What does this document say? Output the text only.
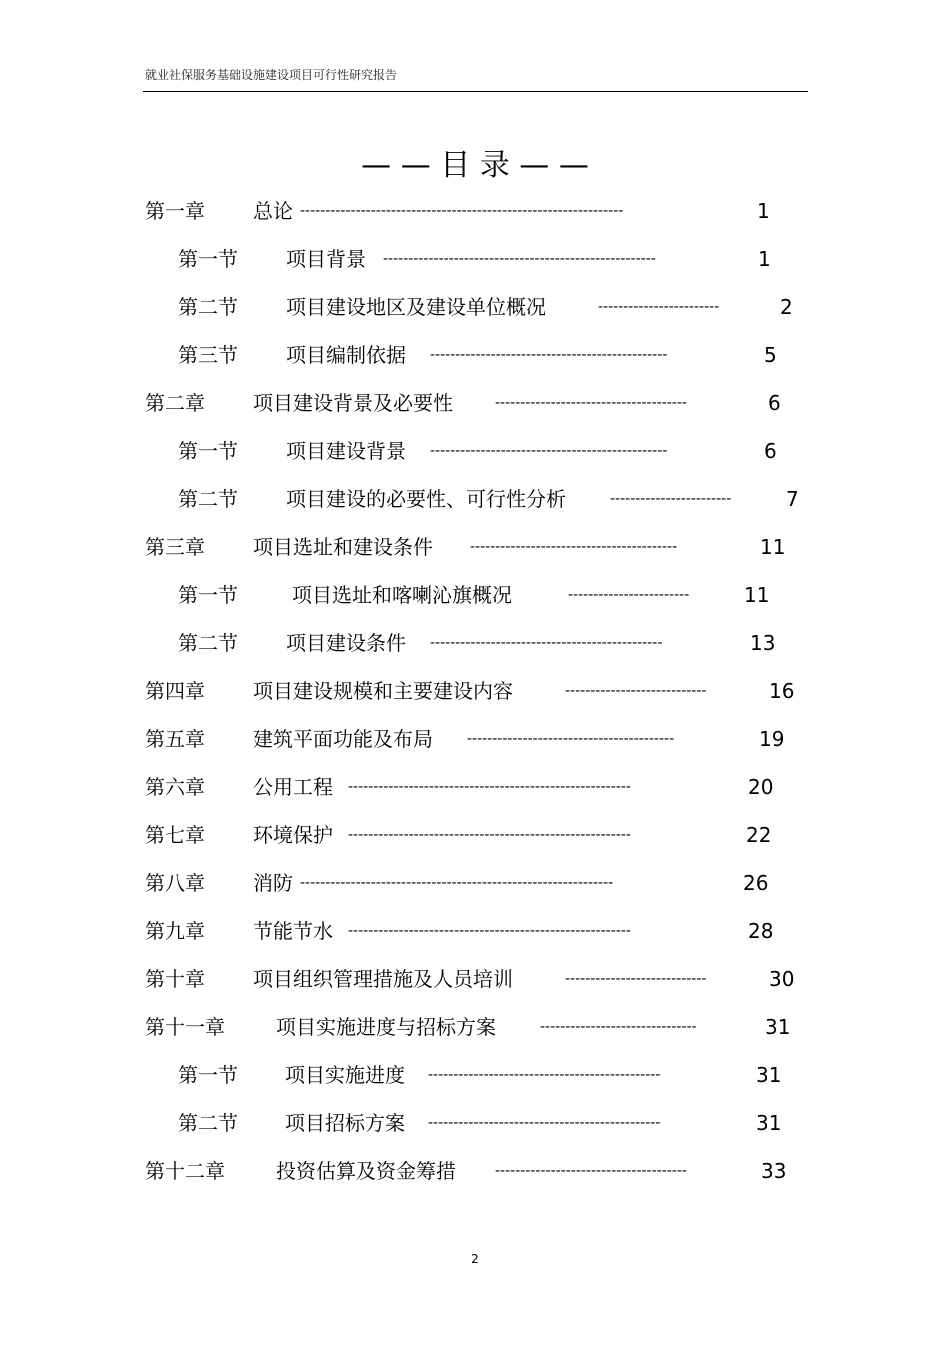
就业社保服务基础设施建设项目可行性研究报告
— — 目 录 — —
第一章 总论 ----------------------------------------------------------------	1
第一节 项目背景 ------------------------------------------------------	1
第二节 项目建设地区及建设单位概况	------------------------	2
第三节 项目编制依据 -----------------------------------------------	5
第二章 项目建设背景及必要性	--------------------------------------	6
第一节 项目建设背景 -----------------------------------------------	6
第二节 项目建设的必要性、可行性分析	------------------------	7
第三章 项目选址和建设条件	-----------------------------------------	11
第一节	项目选址和喀喇沁旗概况	------------------------	11
第二节 项目建设条件 ----------------------------------------------	13
第四章 项目建设规模和主要建设内容	----------------------------	16
第五章 建筑平面功能及布局 -----------------------------------------	19
第六章 公用工程 --------------------------------------------------------	20
第七章 环境保护 --------------------------------------------------------	22
第八章 消防 --------------------------------------------------------------	26
第九章 节能节水 --------------------------------------------------------	28
第十章 项目组织管理措施及人员培训	----------------------------	30
第十一章	项目实施进度与招标方案	-------------------------------	31
第一节 项目实施进度 ----------------------------------------------	31
第二节 项目招标方案 ----------------------------------------------	31
第十二章	投资估算及资金筹措	--------------------------------------	33
2
